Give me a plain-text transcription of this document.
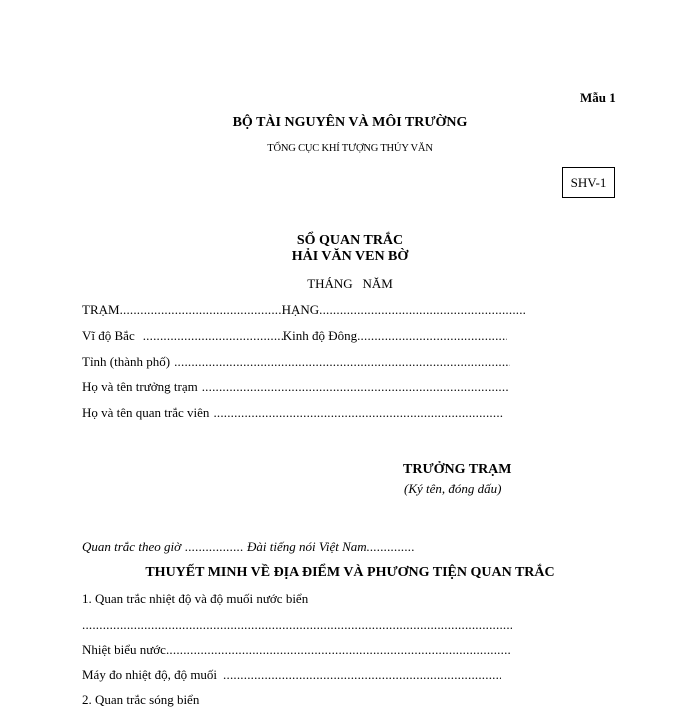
Mẫu 1
BỘ TÀI NGUYÊN VÀ MÔI TRƯỜNG
TỔNG CỤC KHÍ TƯỢNG THỦY VĂN
SHV-1
SỔ QUAN TRẮC
HẢI VĂN VEN BỜ
THÁNG   NĂM
TRẠM .....	HẠNG.....
Vĩ độ Bắc .....	Kinh độ Đông.....
Tỉnh (thành phố).....
Họ và tên trưởng trạm.....
Họ và tên quan trắc viên.....
TRƯỞNG TRẠM
(Ký tên, đóng dấu)
Quan trắc theo giờ .....	Đài tiếng nói Việt Nam.....
THUYẾT MINH VỀ ĐỊA ĐIỂM VÀ PHƯƠNG TIỆN QUAN TRẮC
1. Quan trắc nhiệt độ và độ muối nước biển
.....
Nhiệt biểu nước.....
Máy đo nhiệt độ, độ muối.....
2. Quan trắc sóng biển
